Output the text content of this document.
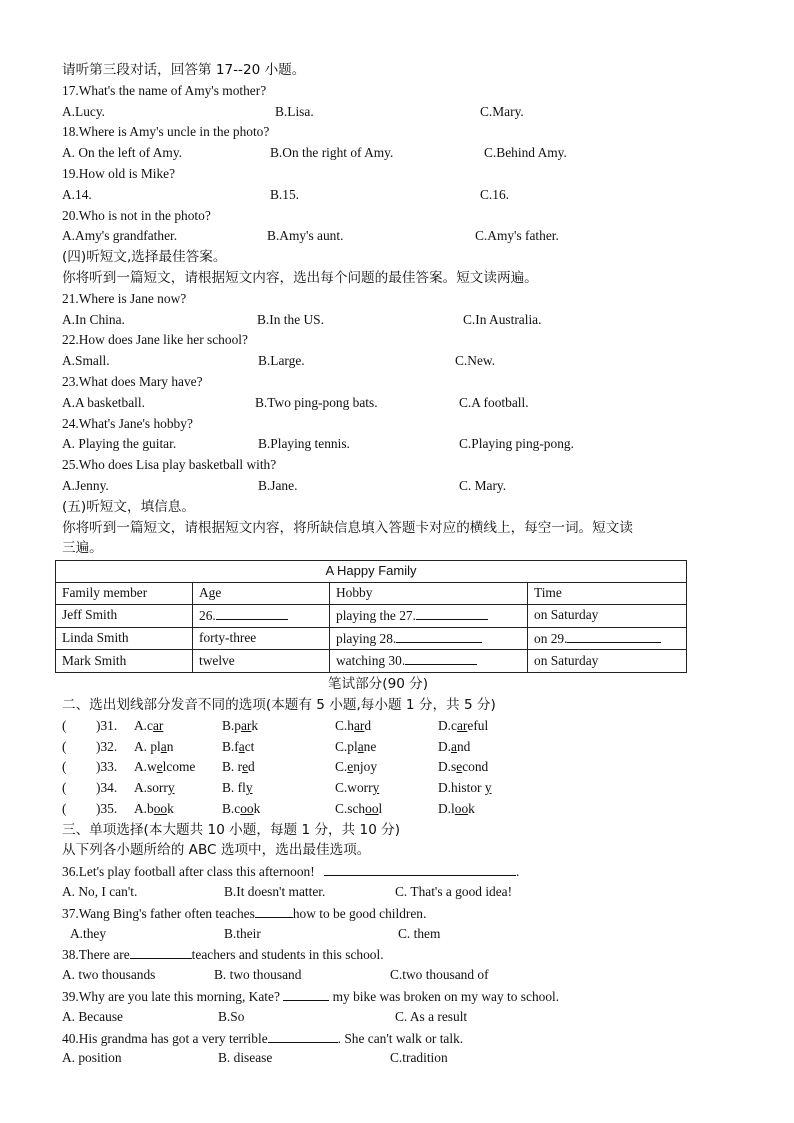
请听第三段对话，回答第 17--20 小题。
17.What's the name of Amy's mother?
A.Lucy.	B.Lisa.	C.Mary.
18.Where is Amy's uncle in the photo?
A. On the left of Amy.	B.On the right of Amy.	C.Behind Amy.
19.How old is Mike?
A.14.	B.15.	C.16.
20.Who is not in the photo?
A.Amy's grandfather.	B.Amy's aunt.	C.Amy's father.
(四)听短文,选择最佳答案。
你将听到一篇短文，请根据短文内容，选出每个问题的最佳答案。短文读两遍。
21.Where is Jane now?
A.In China.	B.In the US.	C.In Australia.
22.How does Jane like her school?
A.Small.	B.Large.	C.New.
23.What does Mary have?
A.A basketball.	B.Two ping-pong bats.	C.A football.
24.What's Jane's hobby?
A. Playing the guitar.	B.Playing tennis.	C.Playing ping-pong.
25.Who does Lisa play basketball with?
A.Jenny.	B.Jane.	C. Mary.
(五)听短文，填信息。
你将听到一篇短文，请根据短文内容，将所缺信息填入答题卡对应的横线上，每空一词。短文读
三遍。
A Happy Family			
Family member	Age	Hobby	Time
Jeff Smith	26.	playing the 27.	on Saturday
Linda Smith	forty-three	playing 28.	on 29.
Mark Smith	twelve	watching 30.	on Saturday
笔试部分(90 分)
二、选出划线部分发音不同的选项(本题有 5 小题,每小题 1 分，共 5 分)
( )31. A.car	B.park	C.hard	D.careful
( )32. A. plan	B.fact	C.plane	D.and
( )33. A.welcome B. red	C.enjoy	D.second
( )34. A.sorry	B. fly	C.worry	D.histor y
( )35. A.book	B.cook	C.school	D.look
三、单项选择(本大题共 10 小题，每题 1 分，共 10 分)
从下列各小题所给的 ABC 选项中，选出最佳选项。
36.Let's play football after class this afternoon!	.
A. No, I can't.	B.It doesn't matter.	C. That's a good idea!
37.Wang Bing's father often teaches	how to be good children.
A.they	B.their	C. them
38.There are	teachers and students in this school.
A. two thousands	B. two thousand	C.two thousand of
39.Why are you late this morning, Kate?	my bike was broken on my way to school.
A. Because	B.So	C. As a result
40.His grandma has got a very terrible	. She can't walk or talk.
A. position	B. disease	C.tradition
